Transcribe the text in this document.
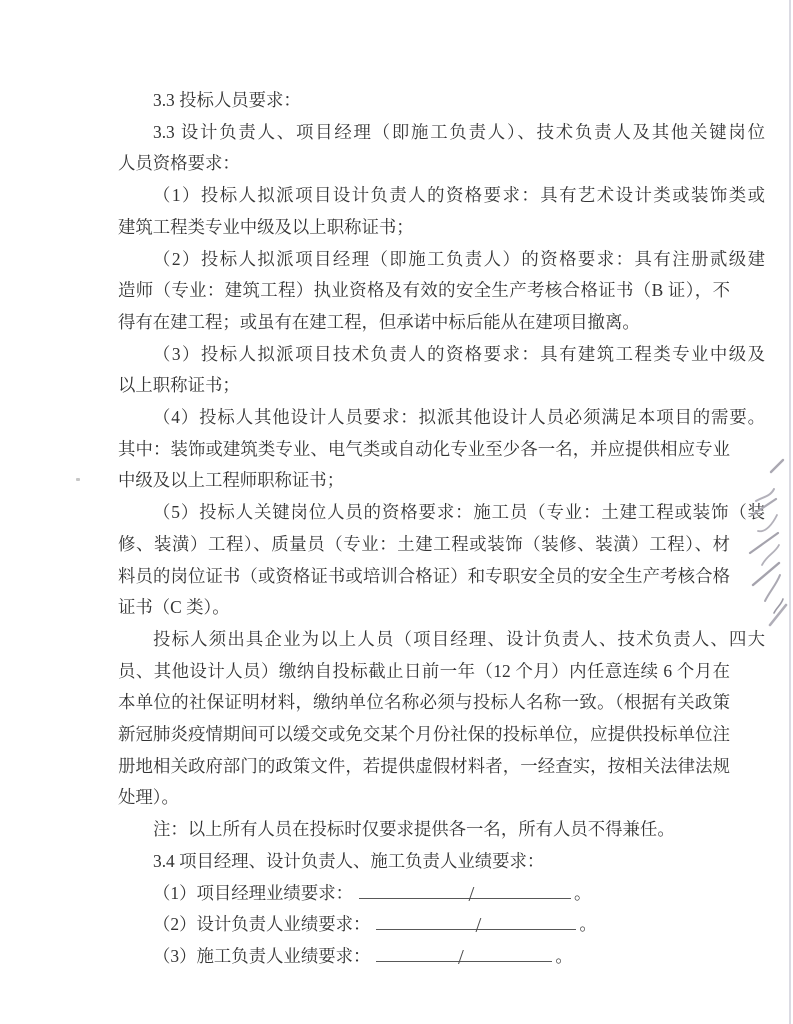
3.3 投标人员要求：
3.3 设计负责人、项目经理（即施工负责人）、技术负责人及其他关键岗位
人员资格要求：
（1）投标人拟派项目设计负责人的资格要求：具有艺术设计类或装饰类或
建筑工程类专业中级及以上职称证书；
（2）投标人拟派项目经理（即施工负责人）的资格要求：具有注册贰级建
造师（专业：建筑工程）执业资格及有效的安全生产考核合格证书（B 证），不
得有在建工程；或虽有在建工程，但承诺中标后能从在建项目撤离。
（3）投标人拟派项目技术负责人的资格要求：具有建筑工程类专业中级及
以上职称证书；
（4）投标人其他设计人员要求：拟派其他设计人员必须满足本项目的需要。
其中：装饰或建筑类专业、电气类或自动化专业至少各一名，并应提供相应专业
中级及以上工程师职称证书；
（5）投标人关键岗位人员的资格要求：施工员（专业：土建工程或装饰（装
修、装潢）工程）、质量员（专业：土建工程或装饰（装修、装潢）工程）、材
料员的岗位证书（或资格证书或培训合格证）和专职安全员的安全生产考核合格
证书（C 类）。
投标人须出具企业为以上人员（项目经理、设计负责人、技术负责人、四大
员、其他设计人员）缴纳自投标截止日前一年（12 个月）内任意连续 6 个月在
本单位的社保证明材料，缴纳单位名称必须与投标人名称一致。（根据有关政策
新冠肺炎疫情期间可以缓交或免交某个月份社保的投标单位，应提供投标单位注
册地相关政府部门的政策文件，若提供虚假材料者，一经查实，按相关法律法规
处理）。
注：以上所有人员在投标时仅要求提供各一名，所有人员不得兼任。
3.4 项目经理、设计负责人、施工负责人业绩要求：
（1）项目经理业绩要求：	/	。
（2）设计负责人业绩要求：	/	。
（3）施工负责人业绩要求：	/	。
